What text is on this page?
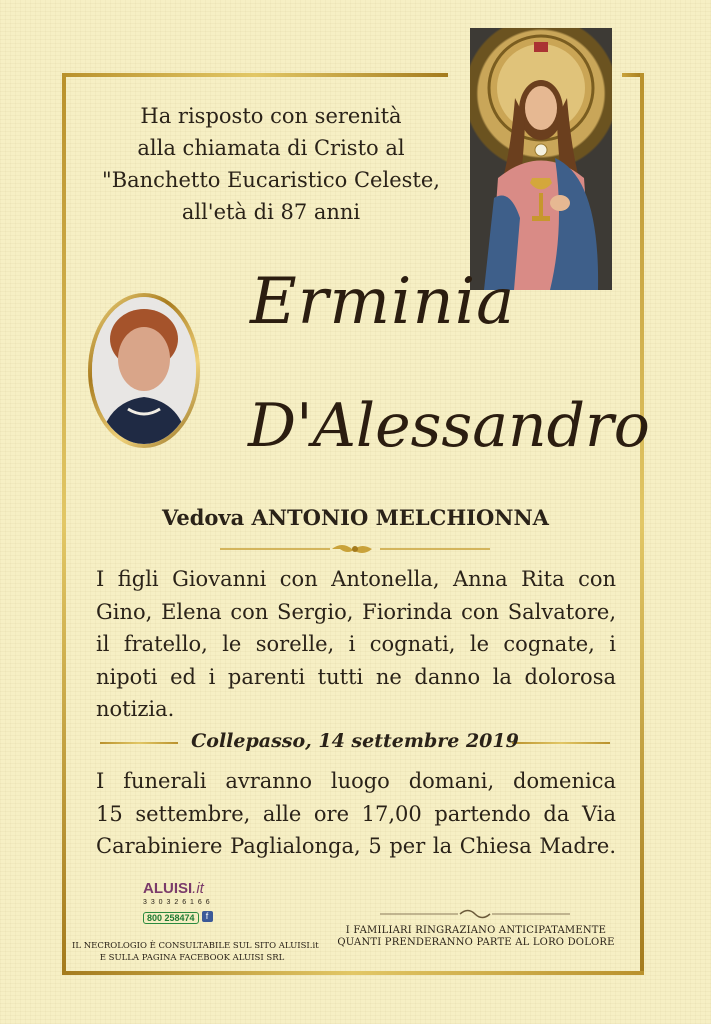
Ha risposto con serenità
alla chiamata di Cristo al
"Banchetto Eucaristico Celeste,
all'età di 87 anni
Erminia
D'Alessandro
Vedova ANTONIO MELCHIONNA
I figli Giovanni con Antonella, Anna Rita con
Gino, Elena con Sergio, Fiorinda con Salvatore,
il fratello, le sorelle, i cognati, le cognate, i
nipoti ed i parenti tutti ne danno la dolorosa
notizia.
Collepasso, 14 settembre 2019
I funerali avranno luogo domani, domenica
15 settembre, alle ore 17,00 partendo da Via
Carabiniere Paglialonga, 5 per la Chiesa Madre.
ALUISI.it
3 3 0 3 2 6 1 6 6
800 258474 f
IL NECROLOGIO È CONSULTABILE SUL SITO ALUISI.it
E SULLA PAGINA FACEBOOK ALUISI SRL
I FAMILIARI RINGRAZIANO ANTICIPATAMENTE
QUANTI PRENDERANNO PARTE AL LORO DOLORE
